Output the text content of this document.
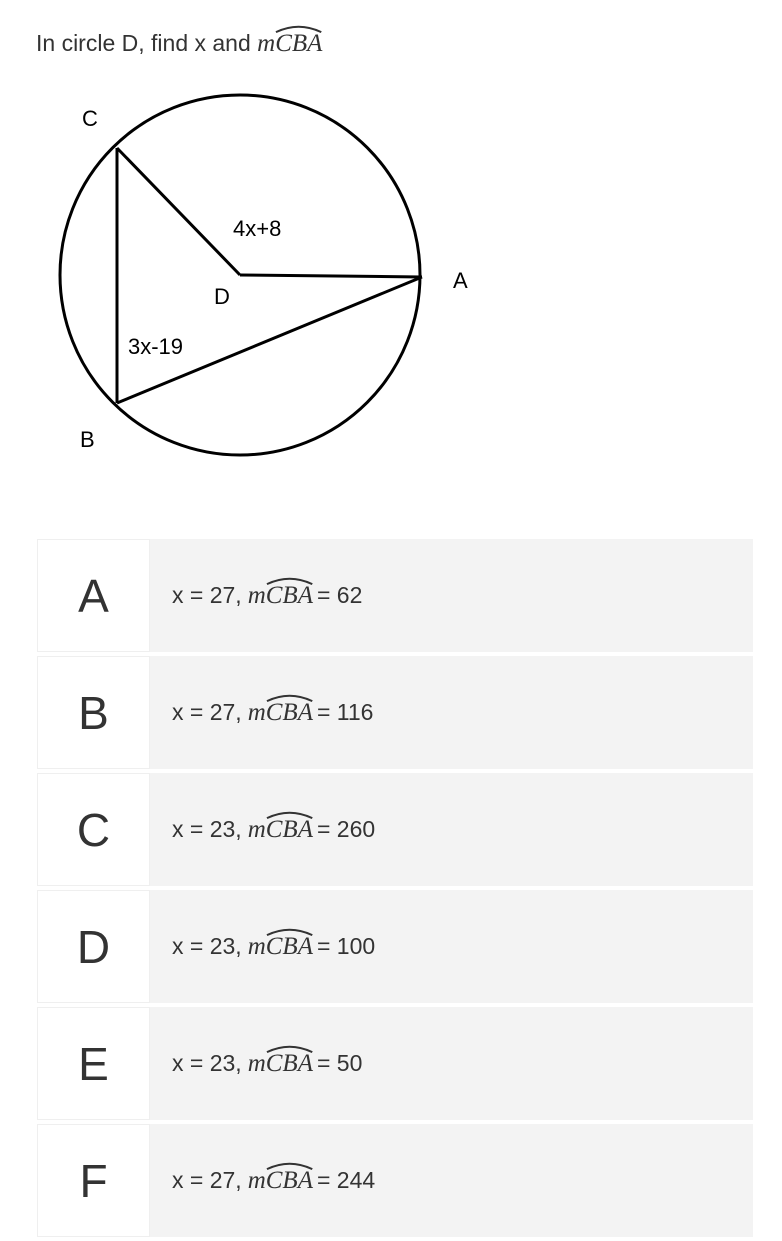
In circle D, find x and m
CBA
C
A
B
D
4x+8
3x-19
A	x = 27, m
CBA = 62
B	x = 27, m
CBA = 116
C	x = 23, m
CBA = 260
D	x = 23, m
CBA = 100
E	x = 23, m
CBA = 50
F	x = 27, m
CBA = 244
